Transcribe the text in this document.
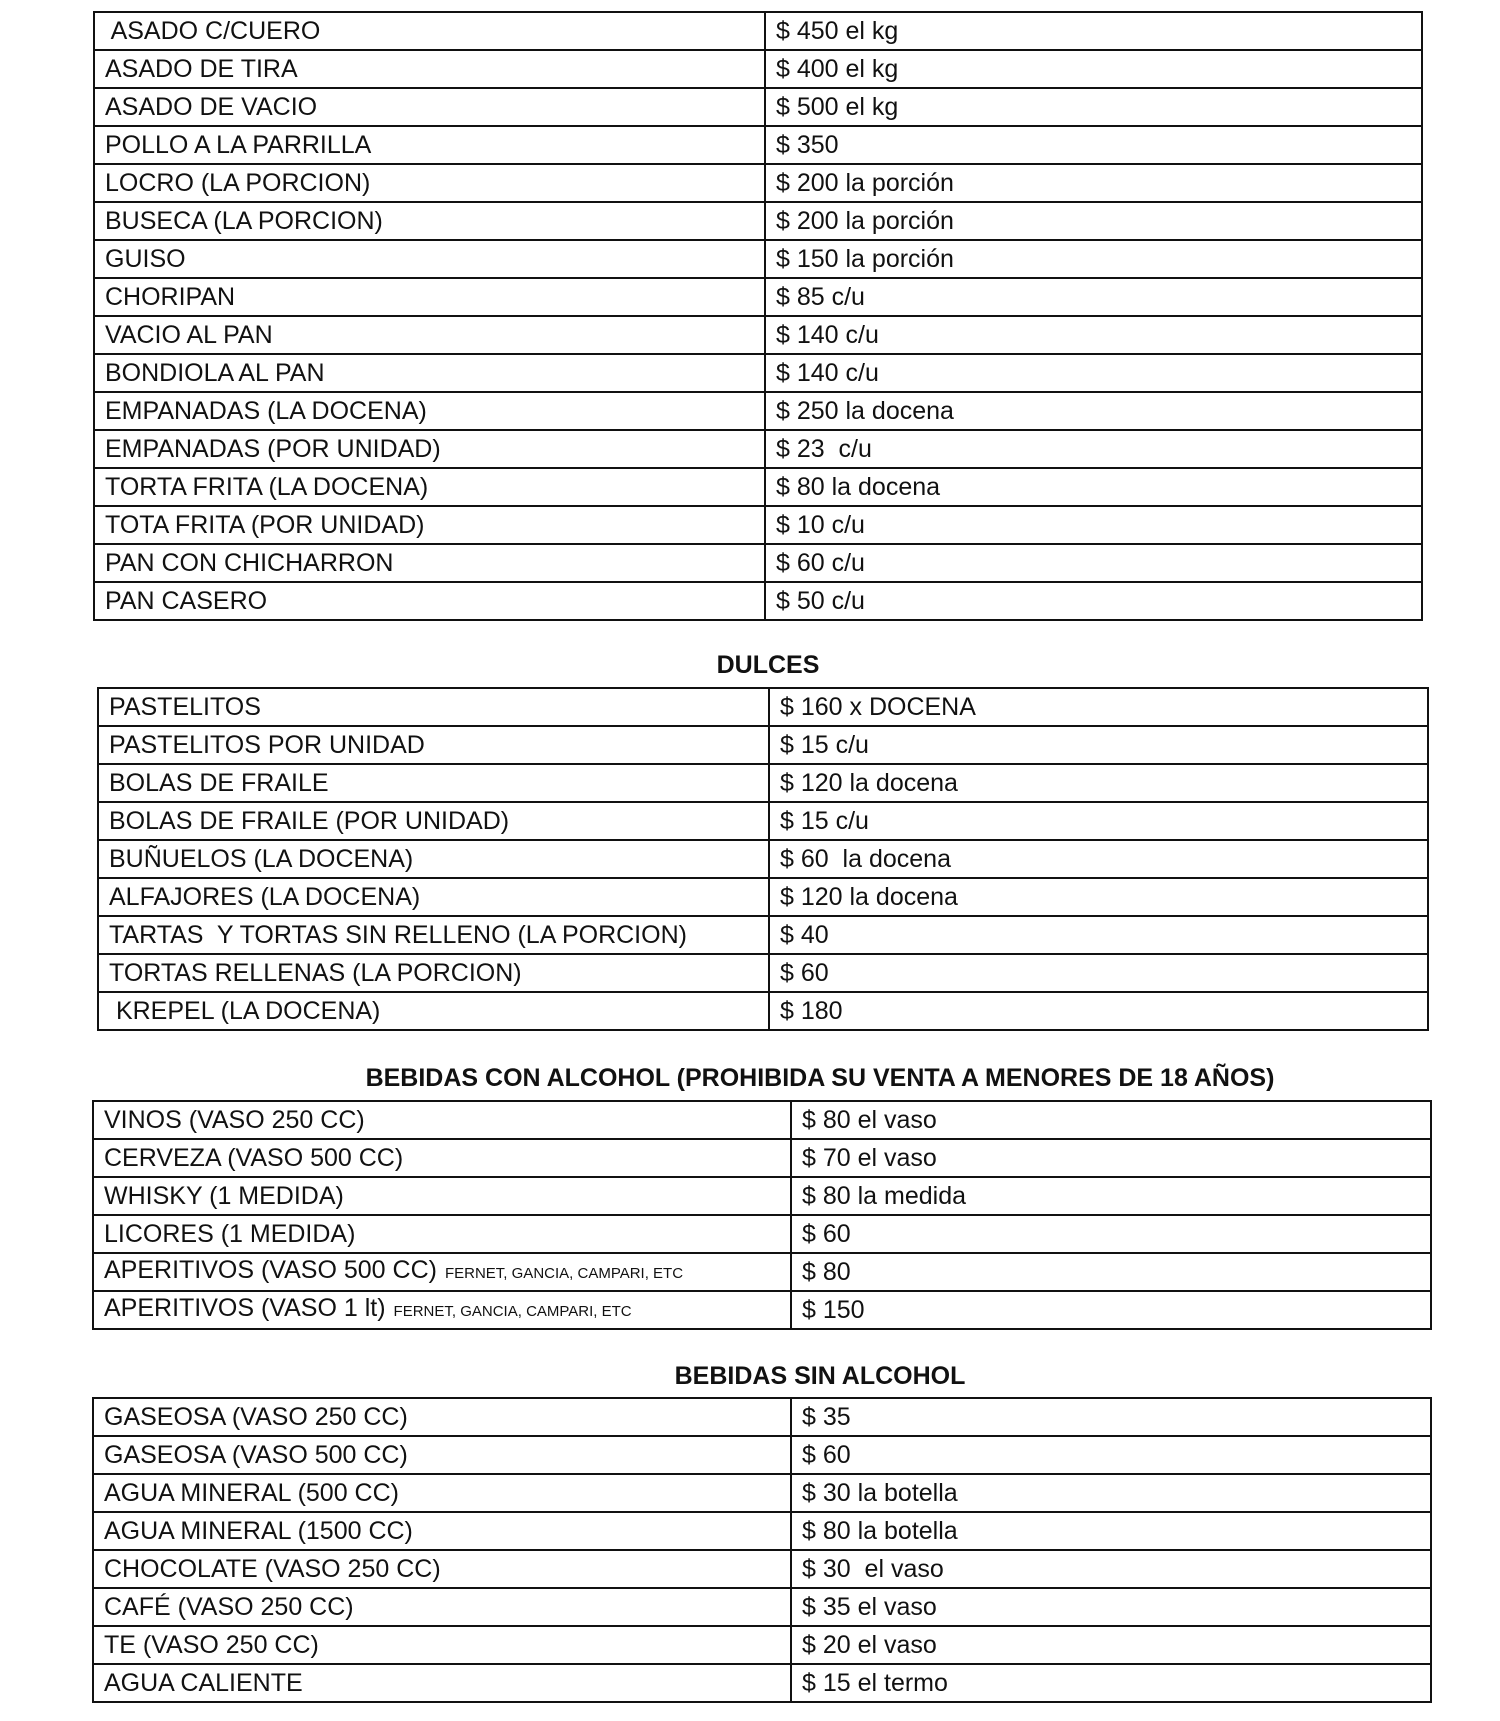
ASADO C/CUERO	$ 450 el kg
ASADO DE TIRA	$ 400 el kg
ASADO DE VACIO	$ 500 el kg
POLLO A LA PARRILLA	$ 350
LOCRO (LA PORCION)	$ 200 la porción
BUSECA (LA PORCION)	$ 200 la porción
GUISO	$ 150 la porción
CHORIPAN	$ 85 c/u
VACIO AL PAN	$ 140 c/u
BONDIOLA AL PAN	$ 140 c/u
EMPANADAS (LA DOCENA)	$ 250 la docena
EMPANADAS (POR UNIDAD)	$ 23  c/u
TORTA FRITA (LA DOCENA)	$ 80 la docena
TOTA FRITA (POR UNIDAD)	$ 10 c/u
PAN CON CHICHARRON	$ 60 c/u
PAN CASERO	$ 50 c/u
DULCES
PASTELITOS	$ 160 x DOCENA
PASTELITOS POR UNIDAD	$ 15 c/u
BOLAS DE FRAILE	$ 120 la docena
BOLAS DE FRAILE (POR UNIDAD)	$ 15 c/u
BUÑUELOS (LA DOCENA)	$ 60  la docena
ALFAJORES (LA DOCENA)	$ 120 la docena
TARTAS  Y TORTAS SIN RELLENO (LA PORCION)	$ 40
TORTAS RELLENAS (LA PORCION)	$ 60
KREPEL (LA DOCENA)	$ 180
BEBIDAS CON ALCOHOL (PROHIBIDA SU VENTA A MENORES DE 18 AÑOS)
VINOS (VASO 250 CC)	$ 80 el vaso
CERVEZA (VASO 500 CC)	$ 70 el vaso
WHISKY (1 MEDIDA)	$ 80 la medida
LICORES (1 MEDIDA)	$ 60
APERITIVOS (VASO 500 CC) FERNET, GANCIA, CAMPARI, ETC	$ 80
APERITIVOS (VASO 1 lt) FERNET, GANCIA, CAMPARI, ETC	$ 150
BEBIDAS SIN ALCOHOL
GASEOSA (VASO 250 CC)	$ 35
GASEOSA (VASO 500 CC)	$ 60
AGUA MINERAL (500 CC)	$ 30 la botella
AGUA MINERAL (1500 CC)	$ 80 la botella
CHOCOLATE (VASO 250 CC)	$ 30  el vaso
CAFÉ (VASO 250 CC)	$ 35 el vaso
TE (VASO 250 CC)	$ 20 el vaso
AGUA CALIENTE	$ 15 el termo
